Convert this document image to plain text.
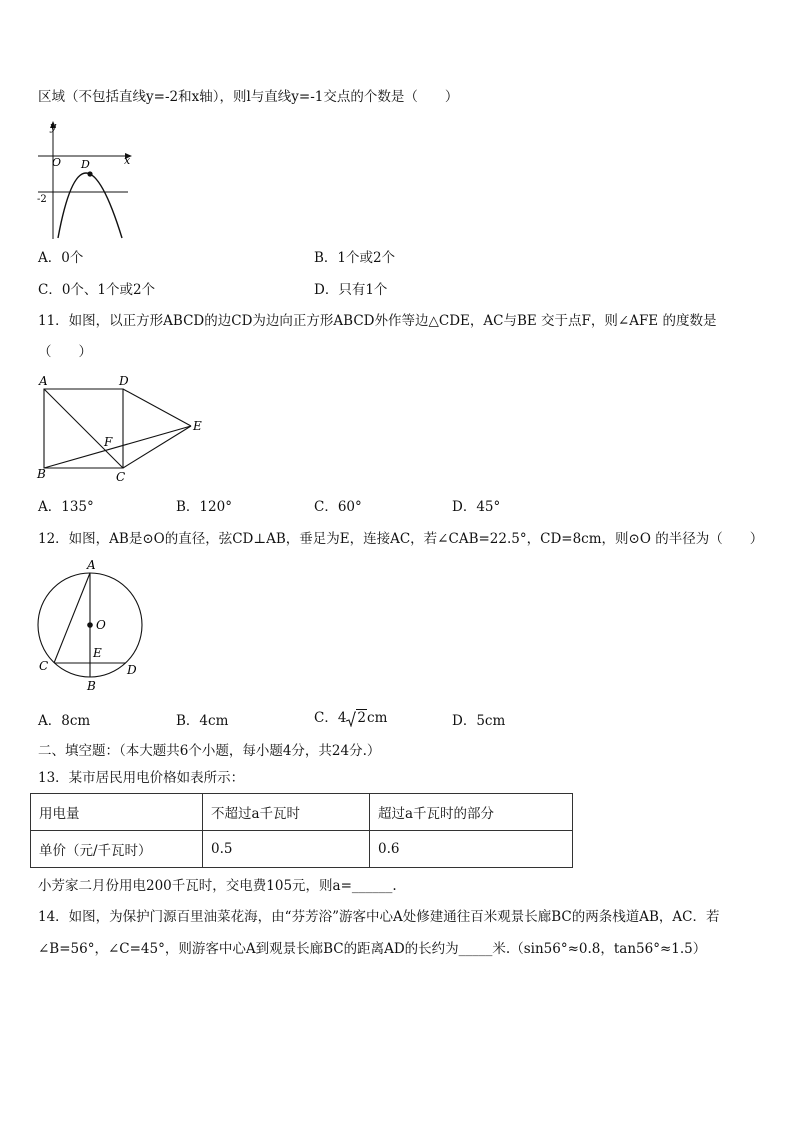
区域（不包括直线y=-2和x轴），则l与直线y=-1交点的个数是（　　）
y
x
O D
-2
A．0个	B．1个或2个
C．0个、1个或2个	D．只有1个
11．如图，以正方形ABCD的边CD为边向正方形ABCD外作等边△CDE，AC与BE 交于点F，则∠AFE 的度数是
（　　）
A	D
E
F
B	C
A．135°	B．120°	C．60°	D．45°
12．如图，AB是⊙O的直径，弦CD⊥AB，垂足为E，连接AC，若∠CAB=22.5°，CD=8cm，则⊙O 的半径为（　　）
A
O
E
C	D
B
A．8cm	B．4cm	C．4 2cm	D．5cm
二、填空题：（本大题共6个小题，每小题4分，共24分.）
13．某市居民用电价格如表所示：
用电量	不超过a千瓦时	超过a千瓦时的部分
单价（元/千瓦时）	0.5	0.6
小芳家二月份用电200千瓦时，交电费105元，则a=______.
14．如图，为保护门源百里油菜花海，由“芬芳浴”游客中心A处修建通往百米观景长廊BC的两条栈道AB，AC．若
∠B=56°，∠C=45°，则游客中心A到观景长廊BC的距离AD的长约为_____米.（sin56°≈0.8，tan56°≈1.5）
